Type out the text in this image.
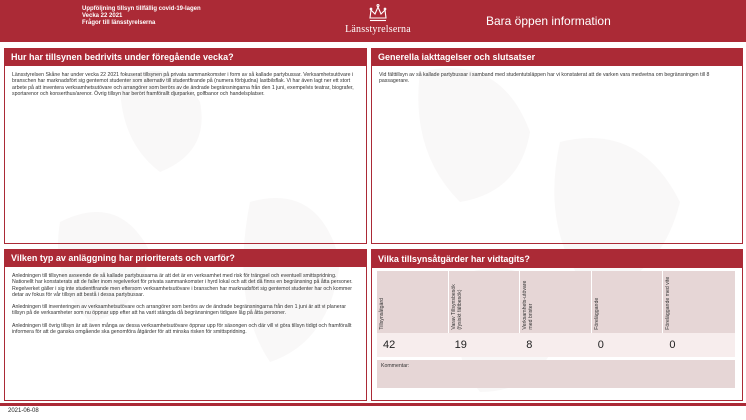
Uppföljning tillsyn tillfällig covid-19-lagen
Vecka 22 2021
Frågor till länsstyrelserna
Länsstyrelserna
Bara öppen information
Hur har tillsynen bedrivits under föregående vecka?

Länsstyrelsen Skåne har under vecka 22 2021 fokuserat tillsynen på privata sammankomster i form av så kallade partybussar. Verksamhetsutövare i branschen har marknadsfört sig gentemot studenter som alternativ till studentfirande på (numera förbjudna) lastbilsflak. Vi har även lagt ner ett stort arbete på att inventera verksamhetsutövare och arrangörer som berörs av de ändrade begränsningarna från den 1 juni, exempelvis teatrar, biografer, sportarenor och konserthus/arenor. Övrig tillsyn har berört framförallt djurparker, golfbanor och handelsplatser.

Generella iakttagelser och slutsatser

Vid fälttillsyn av så kallade partybussar i samband med studentutsläppen har vi konstaterat att de varken vara medvetna om begränsningen till 8 passagerare.

Vilken typ av anläggning har prioriterats och varför?

Anledningen till tillsynen avseende de så kallade partybussarna är att det är en verksamhet med risk för trängsel och eventuell smittspridning. Nationellt har konstaterats att de faller inom regelverket för privata sammankomster i hyrd lokal och att det då finns en begränsning på åtta personer. Regelverket gäller i sig inte studentfirande men eftersom verksamhetsutövare i branschen har marknadsfört sig gentemot studenter har och kommer detar av fokus för vår tillsyn att bestå i dessa partybussar.

Anledningen till inventeringen av verksamhetsutövare och arrangörer som berörs av de ändrade begränsningarna från den 1 juni är att vi planerar tillsyn på de verksamheter som nu öppnar upp efter att ha varit stängda då begränsningen tidigare låg på åtta personer.

Anledningen till övrig tillsyn är att även många av dessa verksamhetsutövare öppnar upp för säsongen och där vill vi göra tillsyn tidigt och framförallt informera för att de ganska omgående ska genomföra åtgärder för att minska risken för smittspridning.

Vilka tillsynsåtgärder har vidtagits?
Tillsynsåtgärd	Varav Tillsynsbesök (fysiskt fältbesök)	Verksamhets-utövare med brister	Föreläggande	Föreläggande med vite
42	19	8	0	0
Kommentar:
2021-06-08
